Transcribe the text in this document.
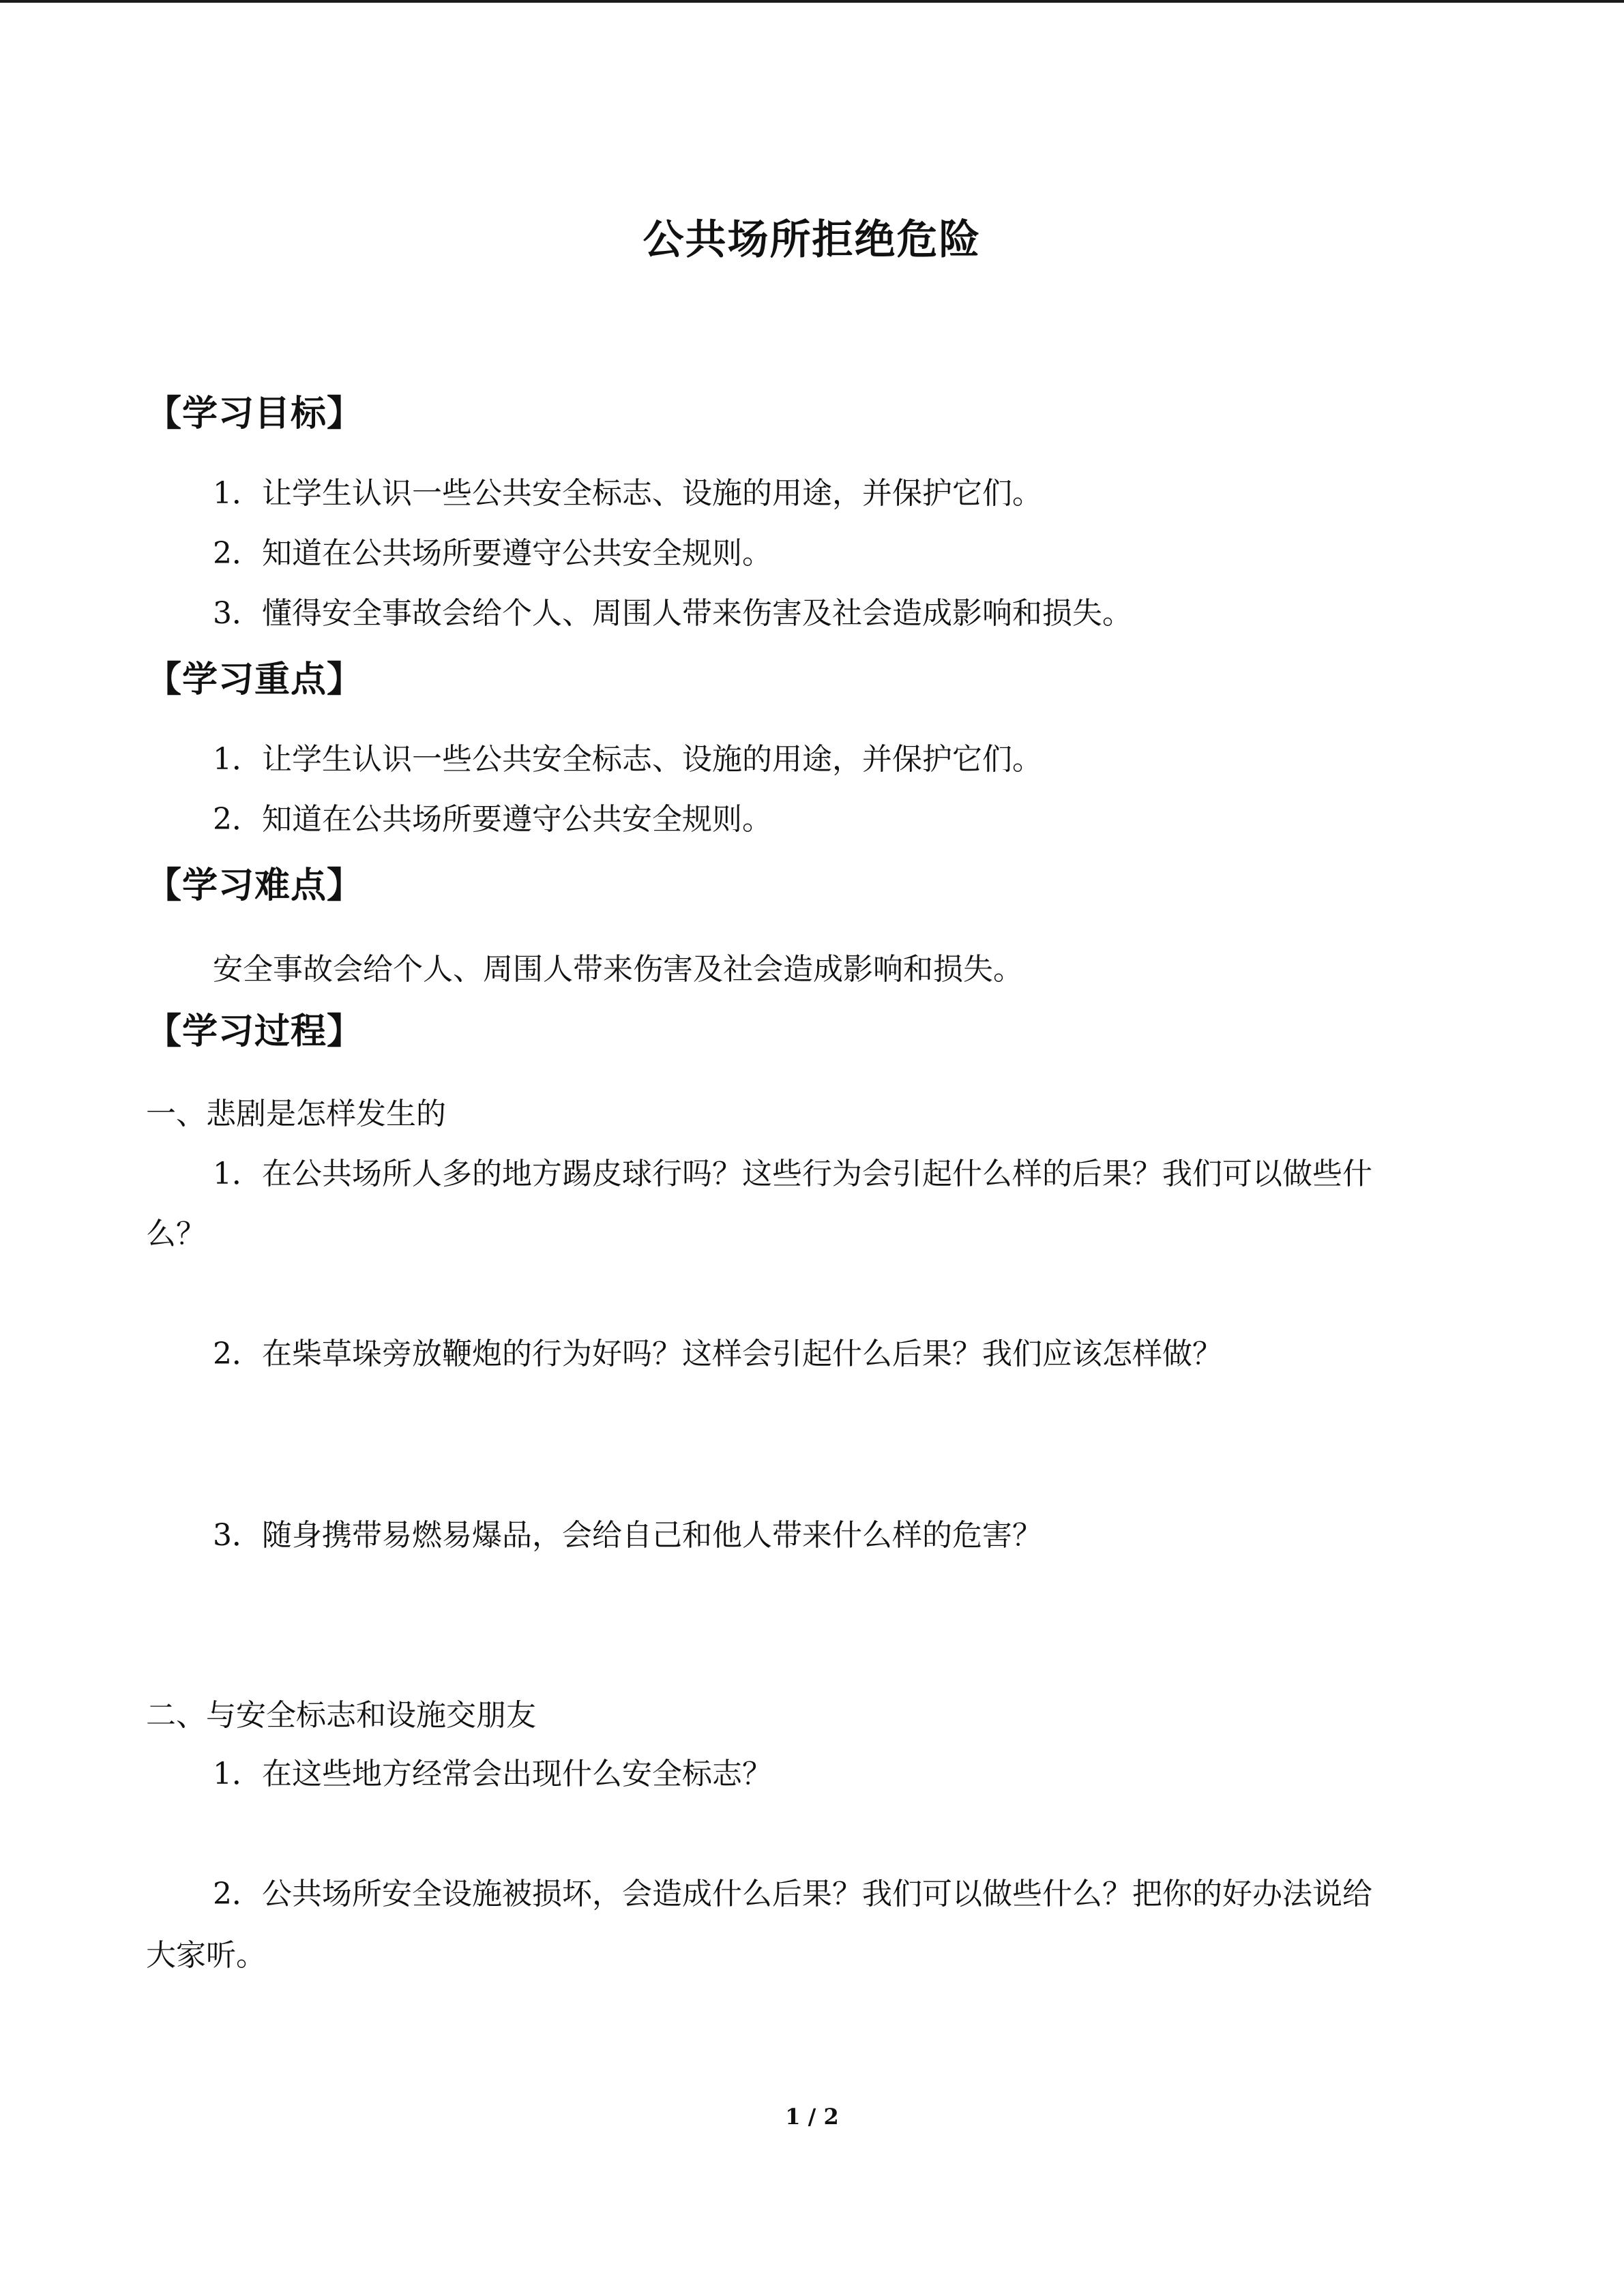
公共场所拒绝危险
【学习目标】
1．让学生认识一些公共安全标志、设施的用途，并保护它们。
2．知道在公共场所要遵守公共安全规则。
3．懂得安全事故会给个人、周围人带来伤害及社会造成影响和损失。
【学习重点】
1．让学生认识一些公共安全标志、设施的用途，并保护它们。
2．知道在公共场所要遵守公共安全规则。
【学习难点】
安全事故会给个人、周围人带来伤害及社会造成影响和损失。
【学习过程】
一、悲剧是怎样发生的
1．在公共场所人多的地方踢皮球行吗？这些行为会引起什么样的后果？我们可以做些什
么？
2．在柴草垛旁放鞭炮的行为好吗？这样会引起什么后果？我们应该怎样做？
3．随身携带易燃易爆品，会给自己和他人带来什么样的危害？
二、与安全标志和设施交朋友
1．在这些地方经常会出现什么安全标志？
2．公共场所安全设施被损坏，会造成什么后果？我们可以做些什么？把你的好办法说给
大家听。
1 / 2
